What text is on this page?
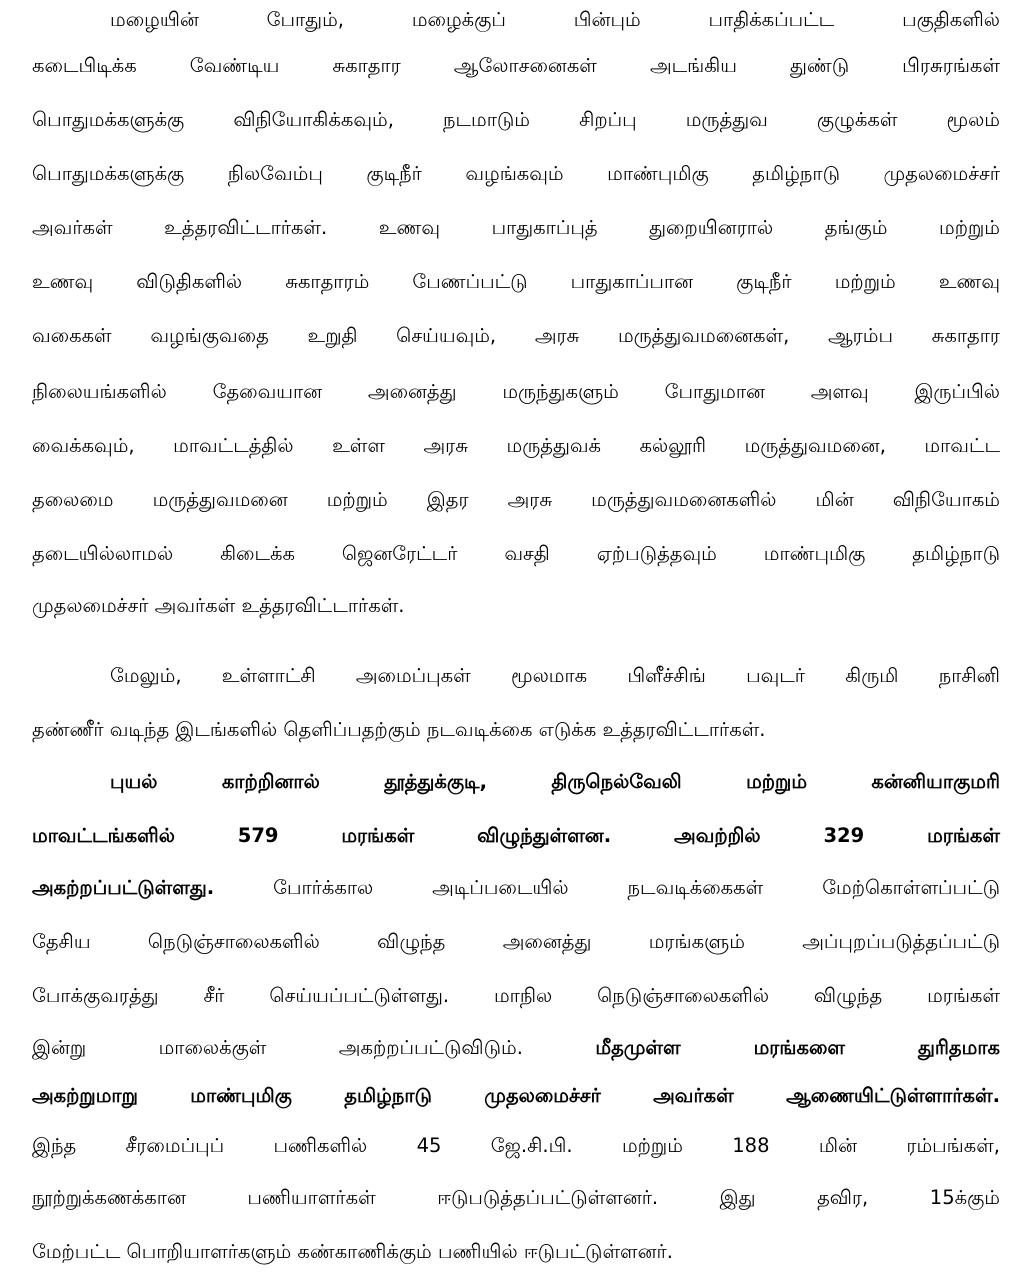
மழையின் போதும், மழைக்குப் பின்பும் பாதிக்கப்பட்ட பகுதிகளில்
கடைபிடிக்க வேண்டிய சுகாதார ஆலோசனைகள் அடங்கிய துண்டு பிரசுரங்கள்
பொதுமக்களுக்கு விநியோகிக்கவும், நடமாடும் சிறப்பு மருத்துவ குழுக்கள் மூலம்
பொதுமக்களுக்கு நிலவேம்பு குடிநீர் வழங்கவும் மாண்புமிகு தமிழ்நாடு முதலமைச்சர்
அவர்கள் உத்தரவிட்டார்கள். உணவு பாதுகாப்புத் துறையினரால் தங்கும் மற்றும்
உணவு விடுதிகளில் சுகாதாரம் பேணப்பட்டு பாதுகாப்பான குடிநீர் மற்றும் உணவு
வகைகள் வழங்குவதை உறுதி செய்யவும், அரசு மருத்துவமனைகள், ஆரம்ப சுகாதார
நிலையங்களில் தேவையான அனைத்து மருந்துகளும் போதுமான அளவு இருப்பில்
வைக்கவும், மாவட்டத்தில் உள்ள அரசு மருத்துவக் கல்லூரி மருத்துவமனை, மாவட்ட
தலைமை மருத்துவமனை மற்றும் இதர அரசு மருத்துவமனைகளில் மின் விநியோகம்
தடையில்லாமல் கிடைக்க ஜெனரேட்டர் வசதி ஏற்படுத்தவும் மாண்புமிகு தமிழ்நாடு
முதலமைச்சர் அவர்கள் உத்தரவிட்டார்கள்.
மேலும், உள்ளாட்சி அமைப்புகள் மூலமாக பிளீச்சிங் பவுடர் கிருமி நாசினி
தண்ணீர் வடிந்த இடங்களில் தெளிப்பதற்கும் நடவடிக்கை எடுக்க உத்தரவிட்டார்கள்.
புயல் காற்றினால் தூத்துக்குடி, திருநெல்வேலி மற்றும் கன்னியாகுமரி
மாவட்டங்களில் 579 மரங்கள் விழுந்துள்ளன. அவற்றில் 329 மரங்கள்
அகற்றப்பட்டுள்ளது. போர்க்கால அடிப்படையில் நடவடிக்கைகள் மேற்கொள்ளப்பட்டு
தேசிய நெடுஞ்சாலைகளில் விழுந்த அனைத்து மரங்களும் அப்புறப்படுத்தப்பட்டு
போக்குவரத்து சீர் செய்யப்பட்டுள்ளது. மாநில நெடுஞ்சாலைகளில் விழுந்த மரங்கள்
இன்று மாலைக்குள் அகற்றப்பட்டுவிடும். மீதமுள்ள மரங்களை துரிதமாக
அகற்றுமாறு மாண்புமிகு தமிழ்நாடு முதலமைச்சர் அவர்கள் ஆணையிட்டுள்ளார்கள்.
இந்த சீரமைப்புப் பணிகளில் 45 ஜே.சி.பி. மற்றும் 188 மின் ரம்பங்கள்,
நூற்றுக்கணக்கான பணியாளர்கள் ஈடுபடுத்தப்பட்டுள்ளனர். இது தவிர, 15க்கும்
மேற்பட்ட பொறியாளர்களும் கண்காணிக்கும் பணியில் ஈடுபட்டுள்ளனர்.
